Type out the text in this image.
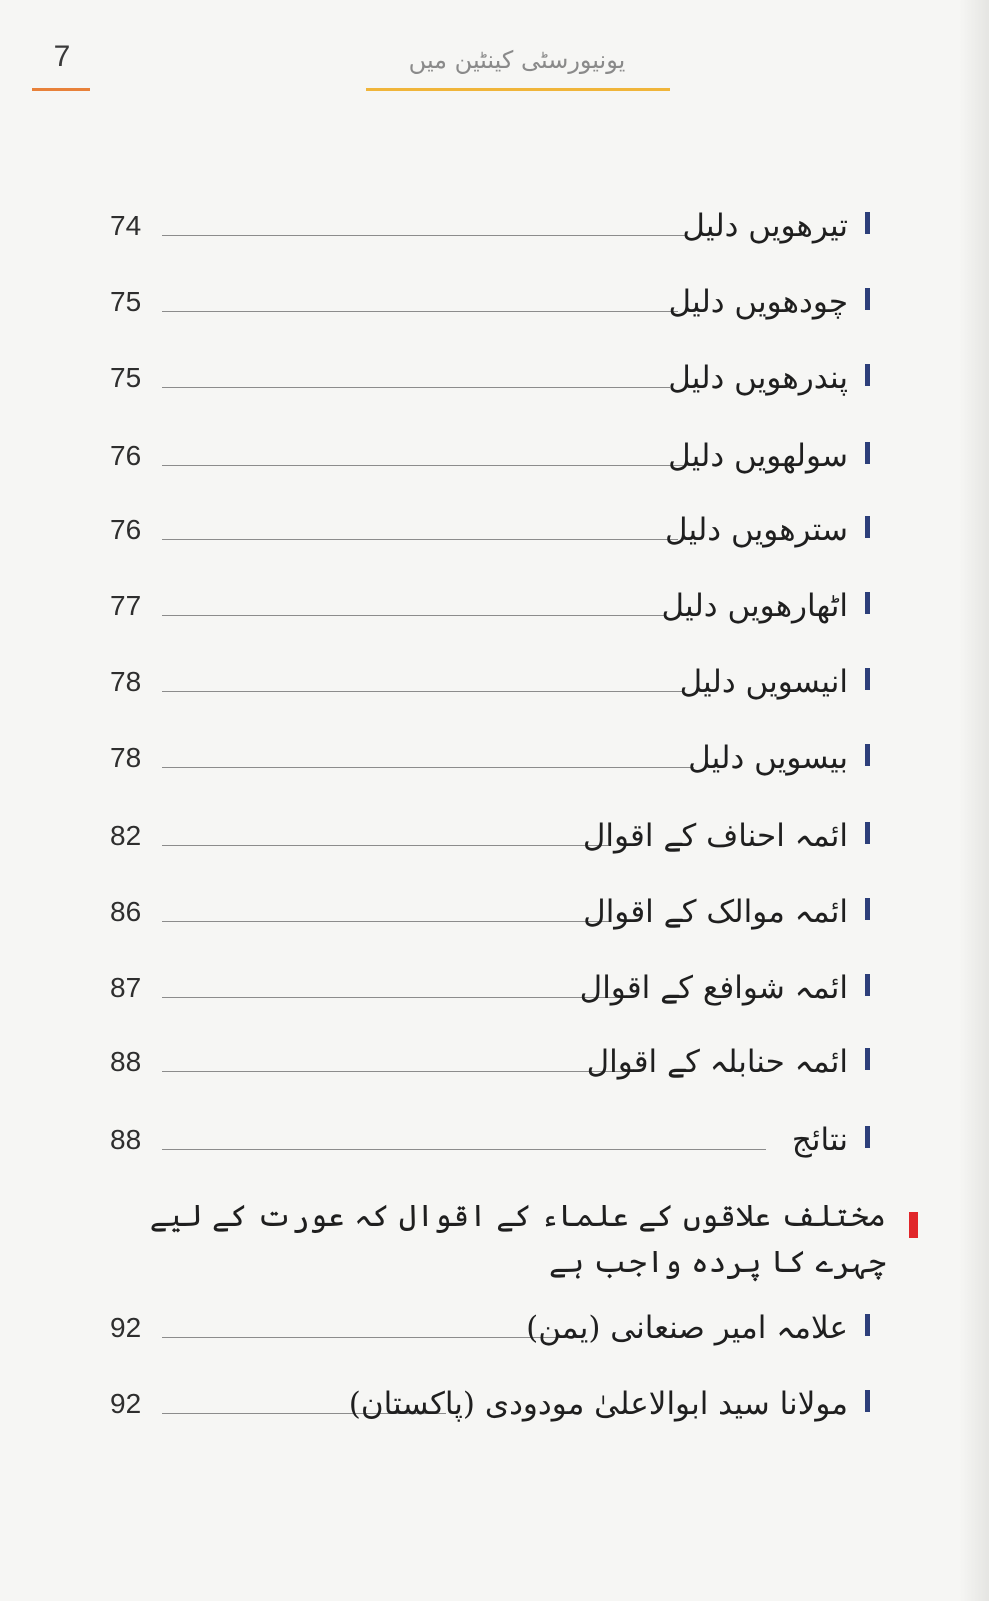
7	یونیورسٹی کینٹین میں
74	تیرھویں دلیل
75	چودھویں دلیل
75	پندرھویں دلیل
76	سولھویں دلیل
76	سترھویں دلیل
77	اٹھارھویں دلیل
78	انیسویں دلیل
78	بیسویں دلیل
82	ائمہ احناف کے اقوال
86	ائمہ موالک کے اقوال
87	ائمہ شوافع کے اقوال
88	ائمہ حنابلہ کے اقوال
88	نتائج
مختلف علاقوں کے علماء کے اقوال کہ عورت کے لیے چہرے کا پردہ واجب ہے
92	علامہ امیر صنعانی (یمن)
92	مولانا سید ابوالاعلیٰ مودودی (پاکستان)
